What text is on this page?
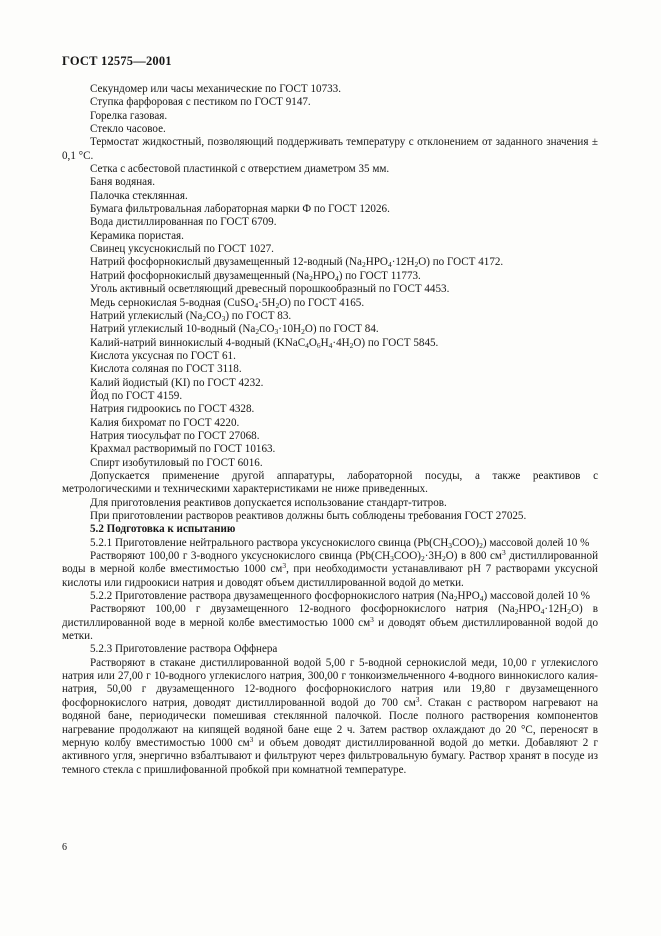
ГОСТ 12575—2001

Секундомер или часы механические по ГОСТ 10733.

Ступка фарфоровая с пестиком по ГОСТ 9147.

Горелка газовая.

Стекло часовое.

Термостат жидкостный, позволяющий поддерживать температуру с отклонением от заданного значения ± 0,1 °С.

Сетка с асбестовой пластинкой с отверстием диаметром 35 мм.

Баня водяная.

Палочка стеклянная.

Бумага фильтровальная лабораторная марки Ф по ГОСТ 12026.

Вода дистиллированная по ГОСТ 6709.

Керамика пористая.

Свинец уксуснокислый по ГОСТ 1027.

Натрий фосфорнокислый двузамещенный 12-водный $(Na_2HPO_4\cdot 12H_2O)$ по ГОСТ 4172.

Натрий фосфорнокислый двузамещенный $(Na_2HPO_4)$ по ГОСТ 11773.

Уголь активный осветляющий древесный порошкообразный по ГОСТ 4453.

Медь сернокислая 5-водная $(CuSO_4\cdot 5H_2O)$ по ГОСТ 4165.

Натрий углекислый $(Na_2CO_3)$ по ГОСТ 83.

Натрий углекислый 10-водный $(Na_2CO_3\cdot 10H_2O)$ по ГОСТ 84.

Калий-натрий виннокислый 4-водный $(KNaC_4O_6H_4\cdot 4H_2O)$ по ГОСТ 5845.

Кислота уксусная по ГОСТ 61.

Кислота соляная по ГОСТ 3118.

Калий йодистый (KI) по ГОСТ 4232.

Йод по ГОСТ 4159.

Натрия гидроокись по ГОСТ 4328.

Калия бихромат по ГОСТ 4220.

Натрия тиосульфат по ГОСТ 27068.

Крахмал растворимый по ГОСТ 10163.

Спирт изобутиловый по ГОСТ 6016.

Допускается применение другой аппаратуры, лабораторной посуды, а также реактивов с метрологическими и техническими характеристиками не ниже приведенных.

Для приготовления реактивов допускается использование стандарт-титров.

При приготовлении растворов реактивов должны быть соблюдены требования ГОСТ 27025.

5.2 Подготовка к испытанию

5.2.1 Приготовление нейтрального раствора уксуснокислого свинца $(Pb(CH_3COO)_2)$ массовой долей 10 %

Растворяют 100,00 г 3-водного уксуснокислого свинца $(Pb(CH_3COO)_2\cdot 3H_2O)$ в 800 $см^3$ дистиллированной воды в мерной колбе вместимостью 1000 $см^3$, при необходимости устанавливают pH 7 растворами уксусной кислоты или гидроокиси натрия и доводят объем дистиллированной водой до метки.

5.2.2 Приготовление раствора двузамещенного фосфорнокислого натрия $(Na_2HPO_4)$ массовой долей 10 %

Растворяют 100,00 г двузамещенного 12-водного фосфорнокислого натрия $(Na_2HPO_4\cdot 12H_2O)$ в дистиллированной воде в мерной колбе вместимостью 1000 $см^3$ и доводят объем дистиллированной водой до метки.

5.2.3 Приготовление раствора Оффнера

Растворяют в стакане дистиллированной водой 5,00 г 5-водной сернокислой меди, 10,00 г углекислого натрия или 27,00 г 10-водного углекислого натрия, 300,00 г тонкоизмельченного 4-водного виннокислого калия-натрия, 50,00 г двузамещенного 12-водного фосфорнокислого натрия или 19,80 г двузамещенного фосфорнокислого натрия, доводят дистиллированной водой до 700 $см^3$. Стакан с раствором нагревают на водяной бане, периодически помешивая стеклянной палочкой. После полного растворения компонентов нагревание продолжают на кипящей водяной бане еще 2 ч. Затем раствор охлаждают до 20 °С, переносят в мерную колбу вместимостью 1000 $см^3$ и объем доводят дистиллированной водой до метки. Добавляют 2 г активного угля, энергично взбалтывают и фильтруют через фильтровальную бумагу. Раствор хранят в посуде из темного стекла с пришлифованной пробкой при комнатной температуре.

6
